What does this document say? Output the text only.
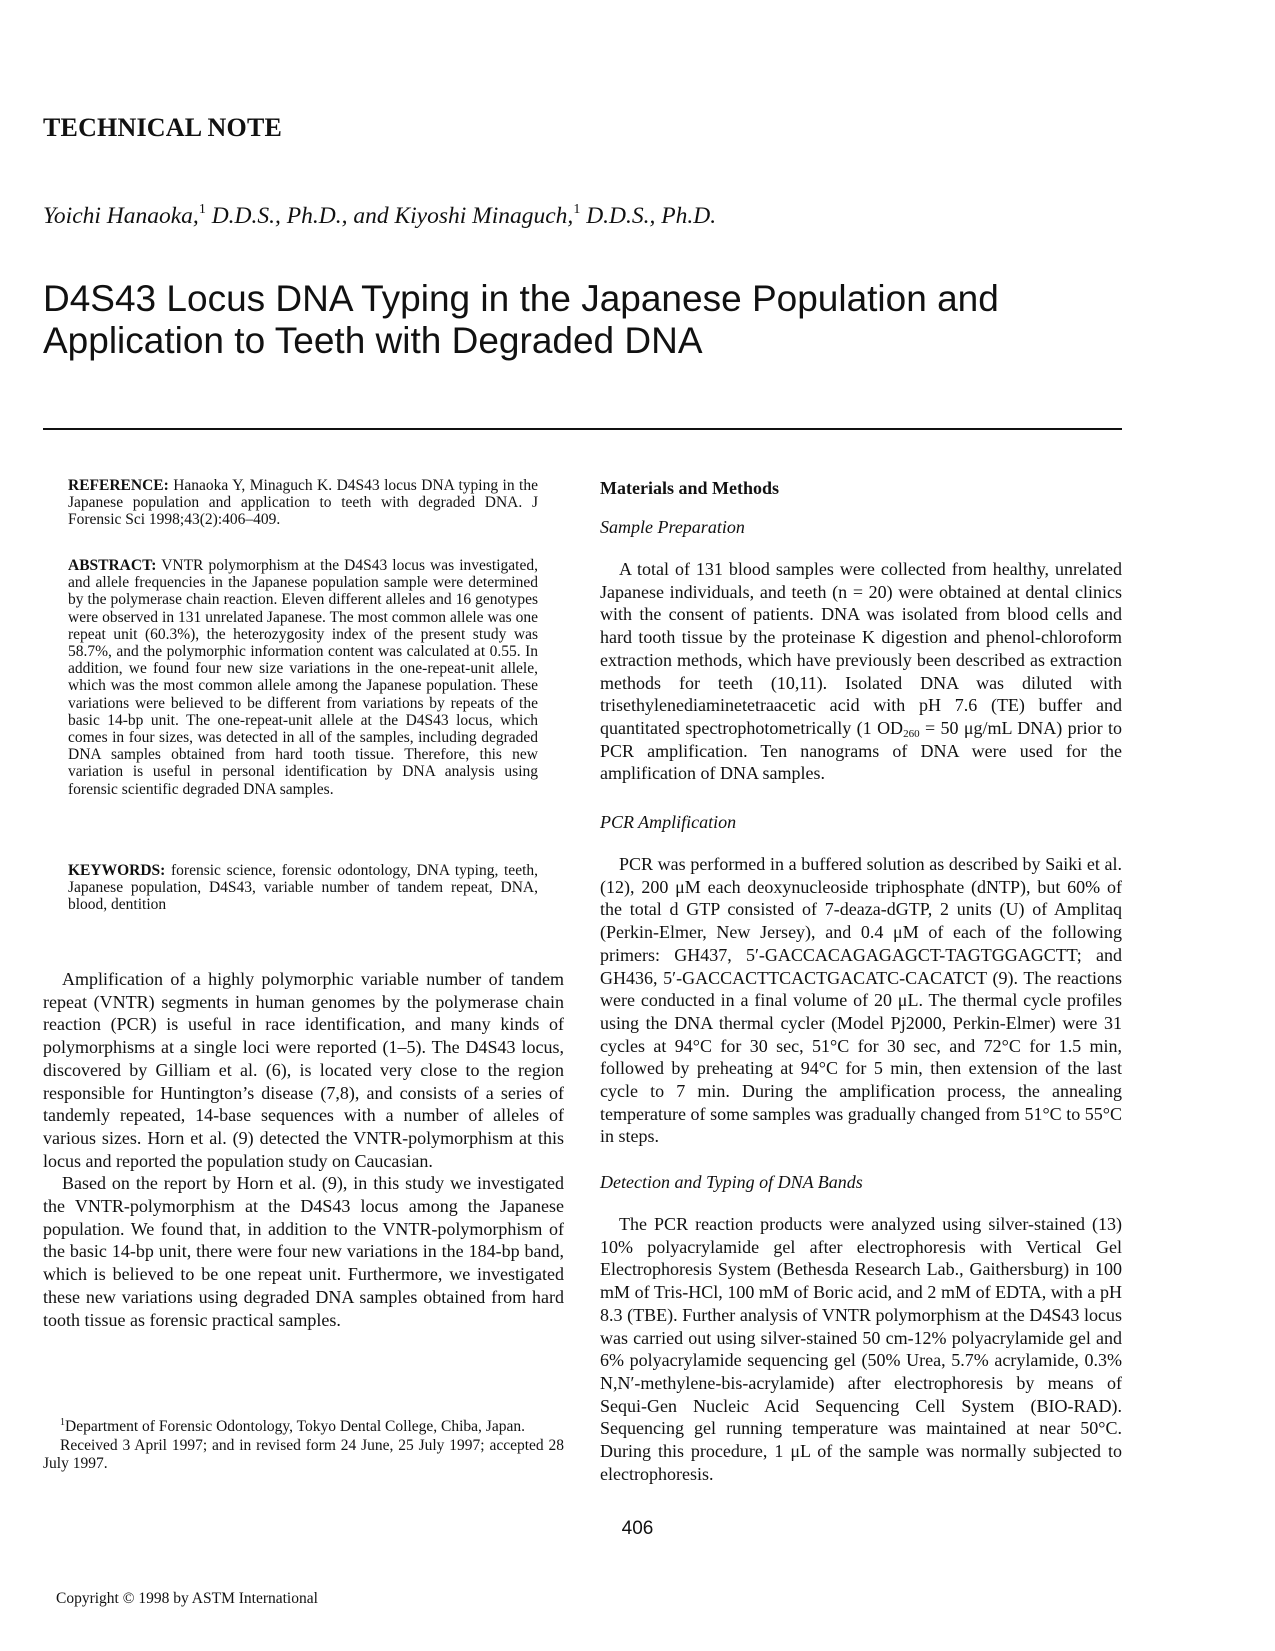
TECHNICAL NOTE
Yoichi Hanaoka,$^1$ D.D.S., Ph.D., and Kiyoshi Minaguch,$^1$ D.D.S., Ph.D.
D4S43 Locus DNA Typing in the Japanese Population and
Application to Teeth with Degraded DNA
REFERENCE: Hanaoka Y, Minaguch K. D4S43 locus DNA typing in the Japanese population and application to teeth with degraded DNA. J Forensic Sci 1998;43(2):406–409.
ABSTRACT: VNTR polymorphism at the D4S43 locus was investigated, and allele frequencies in the Japanese population sample were determined by the polymerase chain reaction. Eleven different alleles and 16 genotypes were observed in 131 unrelated Japanese. The most common allele was one repeat unit (60.3%), the heterozygosity index of the present study was 58.7%, and the polymorphic information content was calculated at 0.55. In addition, we found four new size variations in the one-repeat-unit allele, which was the most common allele among the Japanese population. These variations were believed to be different from variations by repeats of the basic 14-bp unit. The one-repeat-unit allele at the D4S43 locus, which comes in four sizes, was detected in all of the samples, including degraded DNA samples obtained from hard tooth tissue. Therefore, this new variation is useful in personal identification by DNA analysis using forensic scientific degraded DNA samples.
KEYWORDS: forensic science, forensic odontology, DNA typing, teeth, Japanese population, D4S43, variable number of tandem repeat, DNA, blood, dentition

Amplification of a highly polymorphic variable number of tandem repeat (VNTR) segments in human genomes by the polymerase chain reaction (PCR) is useful in race identification, and many kinds of polymorphisms at a single loci were reported (1–5). The D4S43 locus, discovered by Gilliam et al. (6), is located very close to the region responsible for Huntington’s disease (7,8), and consists of a series of tandemly repeated, 14-base sequences with a number of alleles of various sizes. Horn et al. (9) detected the VNTR-polymorphism at this locus and reported the population study on Caucasian.

Based on the report by Horn et al. (9), in this study we investigated the VNTR-polymorphism at the D4S43 locus among the Japanese population. We found that, in addition to the VNTR-polymorphism of the basic 14-bp unit, there were four new variations in the 184-bp band, which is believed to be one repeat unit. Furthermore, we investigated these new variations using degraded DNA samples obtained from hard tooth tissue as forensic practical samples.

$^1$Department of Forensic Odontology, Tokyo Dental College, Chiba, Japan.

Received 3 April 1997; and in revised form 24 June, 25 July 1997; accepted 28 July 1997.

Materials and Methods
Sample Preparation

A total of 131 blood samples were collected from healthy, unrelated Japanese individuals, and teeth (n = 20) were obtained at dental clinics with the consent of patients. DNA was isolated from blood cells and hard tooth tissue by the proteinase K digestion and phenol-chloroform extraction methods, which have previously been described as extraction methods for teeth (10,11). Isolated DNA was diluted with trisethylenediaminetetraacetic acid with pH 7.6 (TE) buffer and quantitated spectrophotometrically (1 $OD_{260} = 50$ μg/mL DNA) prior to PCR amplification. Ten nanograms of DNA were used for the amplification of DNA samples.

PCR Amplification

PCR was performed in a buffered solution as described by Saiki et al. (12), 200 μM each deoxynucleoside triphosphate (dNTP), but 60% of the total d GTP consisted of 7-deaza-dGTP, 2 units (U) of Amplitaq (Perkin-Elmer, New Jersey), and 0.4 μM of each of the following primers: GH437, 5′-GACCACAGAGAGCT-TAGTGGAGCTT; and GH436, 5′-GACCACTTCACTGACATC-CACATCT (9). The reactions were conducted in a final volume of 20 μL. The thermal cycle profiles using the DNA thermal cycler (Model Pj2000, Perkin-Elmer) were 31 cycles at 94°C for 30 sec, 51°C for 30 sec, and 72°C for 1.5 min, followed by preheating at 94°C for 5 min, then extension of the last cycle to 7 min. During the amplification process, the annealing temperature of some samples was gradually changed from 51°C to 55°C in steps.

Detection and Typing of DNA Bands

The PCR reaction products were analyzed using silver-stained (13) 10% polyacrylamide gel after electrophoresis with Vertical Gel Electrophoresis System (Bethesda Research Lab., Gaithersburg) in 100 mM of Tris-HCl, 100 mM of Boric acid, and 2 mM of EDTA, with a pH 8.3 (TBE). Further analysis of VNTR polymorphism at the D4S43 locus was carried out using silver-stained 50 cm-12% polyacrylamide gel and 6% polyacrylamide sequencing gel (50% Urea, 5.7% acrylamide, 0.3% N,N′-methylene-bis-acrylamide) after electrophoresis by means of Sequi-Gen Nucleic Acid Sequencing Cell System (BIO-RAD). Sequencing gel running temperature was maintained at near 50°C. During this procedure, 1 μL of the sample was normally subjected to electrophoresis.

406
Copyright © 1998 by ASTM International
